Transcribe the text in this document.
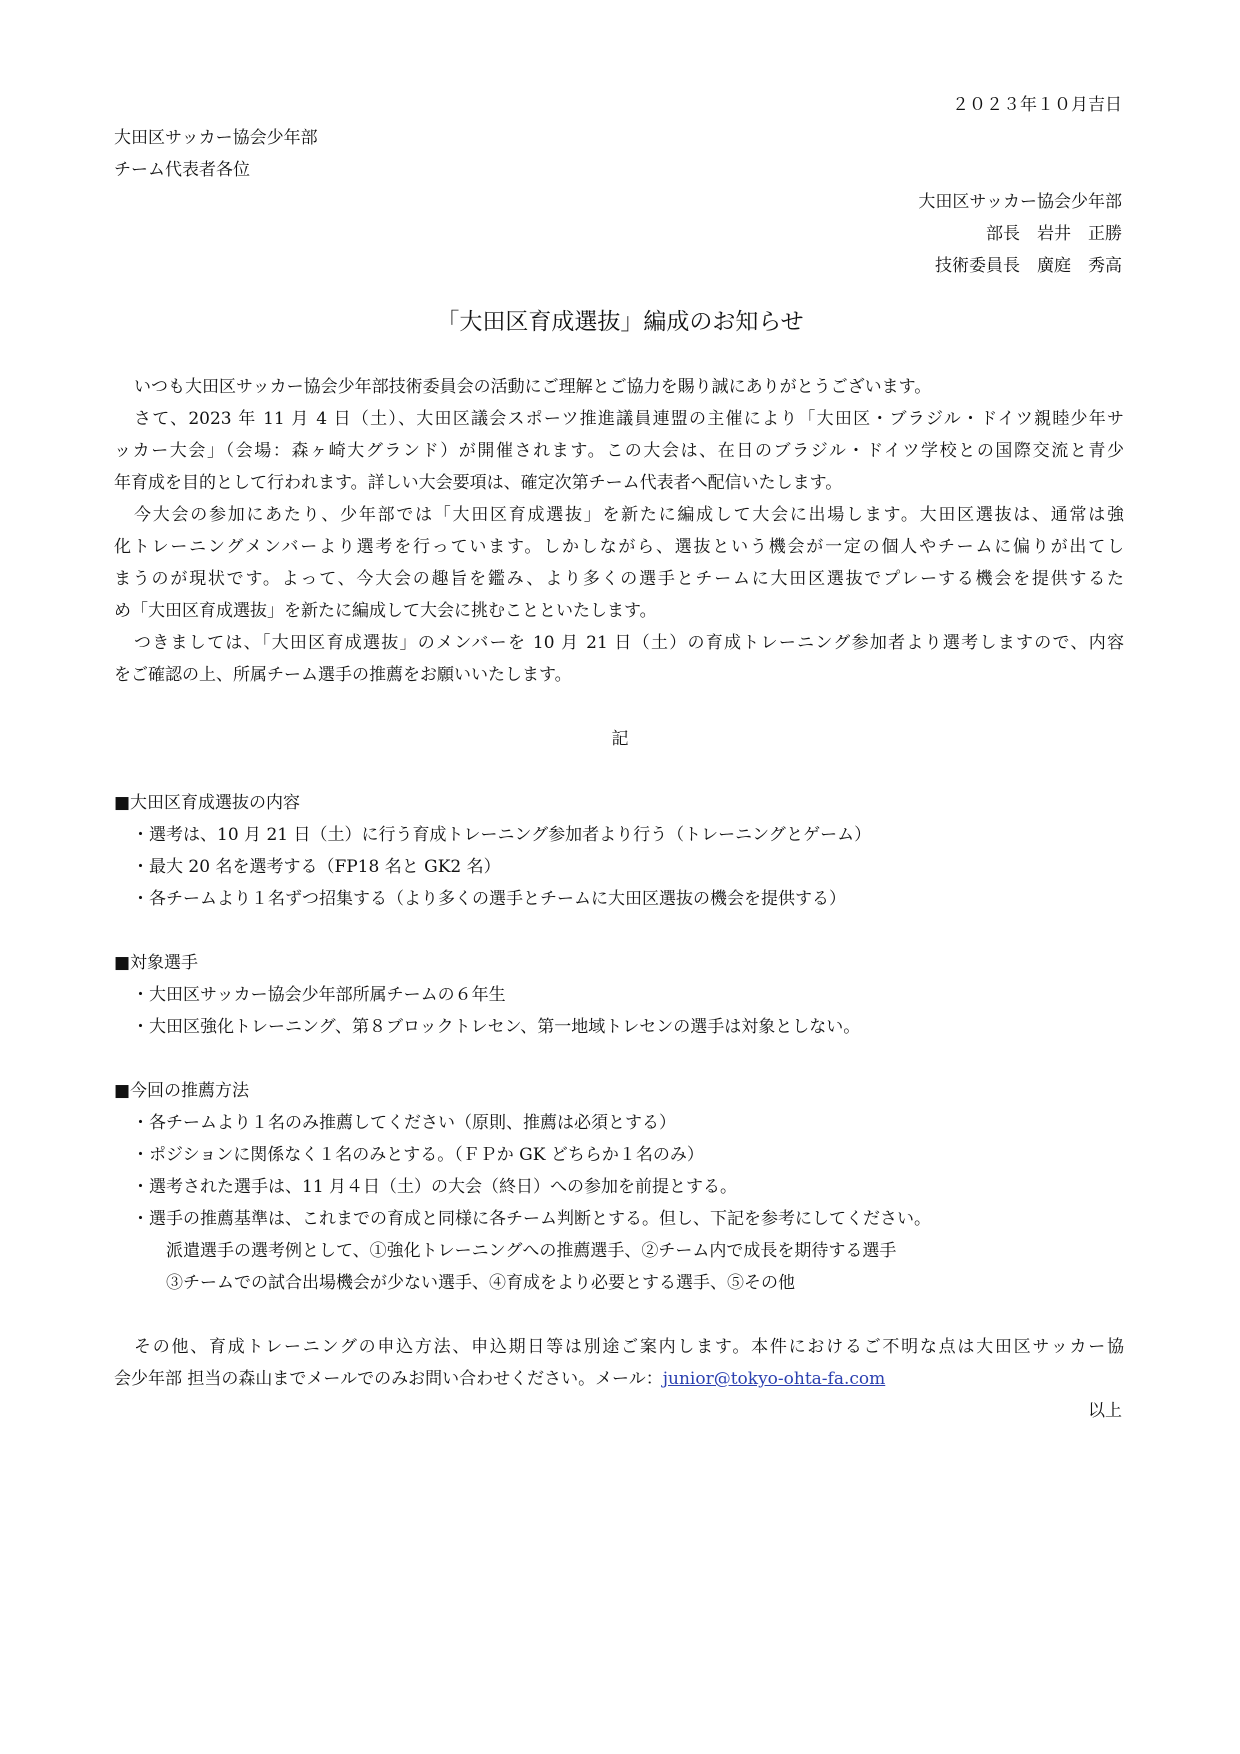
２０２３年１０月吉日
大田区サッカー協会少年部
チーム代表者各位
大田区サッカー協会少年部
部長　岩井　正勝
技術委員長　廣庭　秀高
「大田区育成選抜」編成のお知らせ
いつも大田区サッカー協会少年部技術委員会の活動にご理解とご協力を賜り誠にありがとうございます。
さて、2023 年 11 月 4 日（土）、大田区議会スポーツ推進議員連盟の主催により「大田区・ブラジル・ドイツ親睦少年サ
ッカー大会」（会場：森ヶ崎大グランド）が開催されます。この大会は、在日のブラジル・ドイツ学校との国際交流と青少
年育成を目的として行われます。詳しい大会要項は、確定次第チーム代表者へ配信いたします。
今大会の参加にあたり、少年部では「大田区育成選抜」を新たに編成して大会に出場します。大田区選抜は、通常は強
化トレーニングメンバーより選考を行っています。しかしながら、選抜という機会が一定の個人やチームに偏りが出てし
まうのが現状です。よって、今大会の趣旨を鑑み、より多くの選手とチームに大田区選抜でプレーする機会を提供するた
め「大田区育成選抜」を新たに編成して大会に挑むことといたします。
つきましては、「大田区育成選抜」のメンバーを 10 月 21 日（土）の育成トレーニング参加者より選考しますので、内容
をご確認の上、所属チーム選手の推薦をお願いいたします。
記
■大田区育成選抜の内容
・選考は、10 月 21 日（土）に行う育成トレーニング参加者より行う（トレーニングとゲーム）
・最大 20 名を選考する（FP18 名と GK2 名）
・各チームより１名ずつ招集する（より多くの選手とチームに大田区選抜の機会を提供する）
■対象選手
・大田区サッカー協会少年部所属チームの６年生
・大田区強化トレーニング、第８ブロックトレセン、第一地域トレセンの選手は対象としない。
■今回の推薦方法
・各チームより１名のみ推薦してください（原則、推薦は必須とする）
・ポジションに関係なく１名のみとする。（ＦＰか GK どちらか１名のみ）
・選考された選手は、11 月４日（土）の大会（終日）への参加を前提とする。
・選手の推薦基準は、これまでの育成と同様に各チーム判断とする。但し、下記を参考にしてください。
派遣選手の選考例として、①強化トレーニングへの推薦選手、②チーム内で成長を期待する選手
③チームでの試合出場機会が少ない選手、④育成をより必要とする選手、⑤その他
その他、育成トレーニングの申込方法、申込期日等は別途ご案内します。本件におけるご不明な点は大田区サッカー協
会少年部 担当の森山までメールでのみお問い合わせください。メール：junior@tokyo-ohta-fa.com
以上
